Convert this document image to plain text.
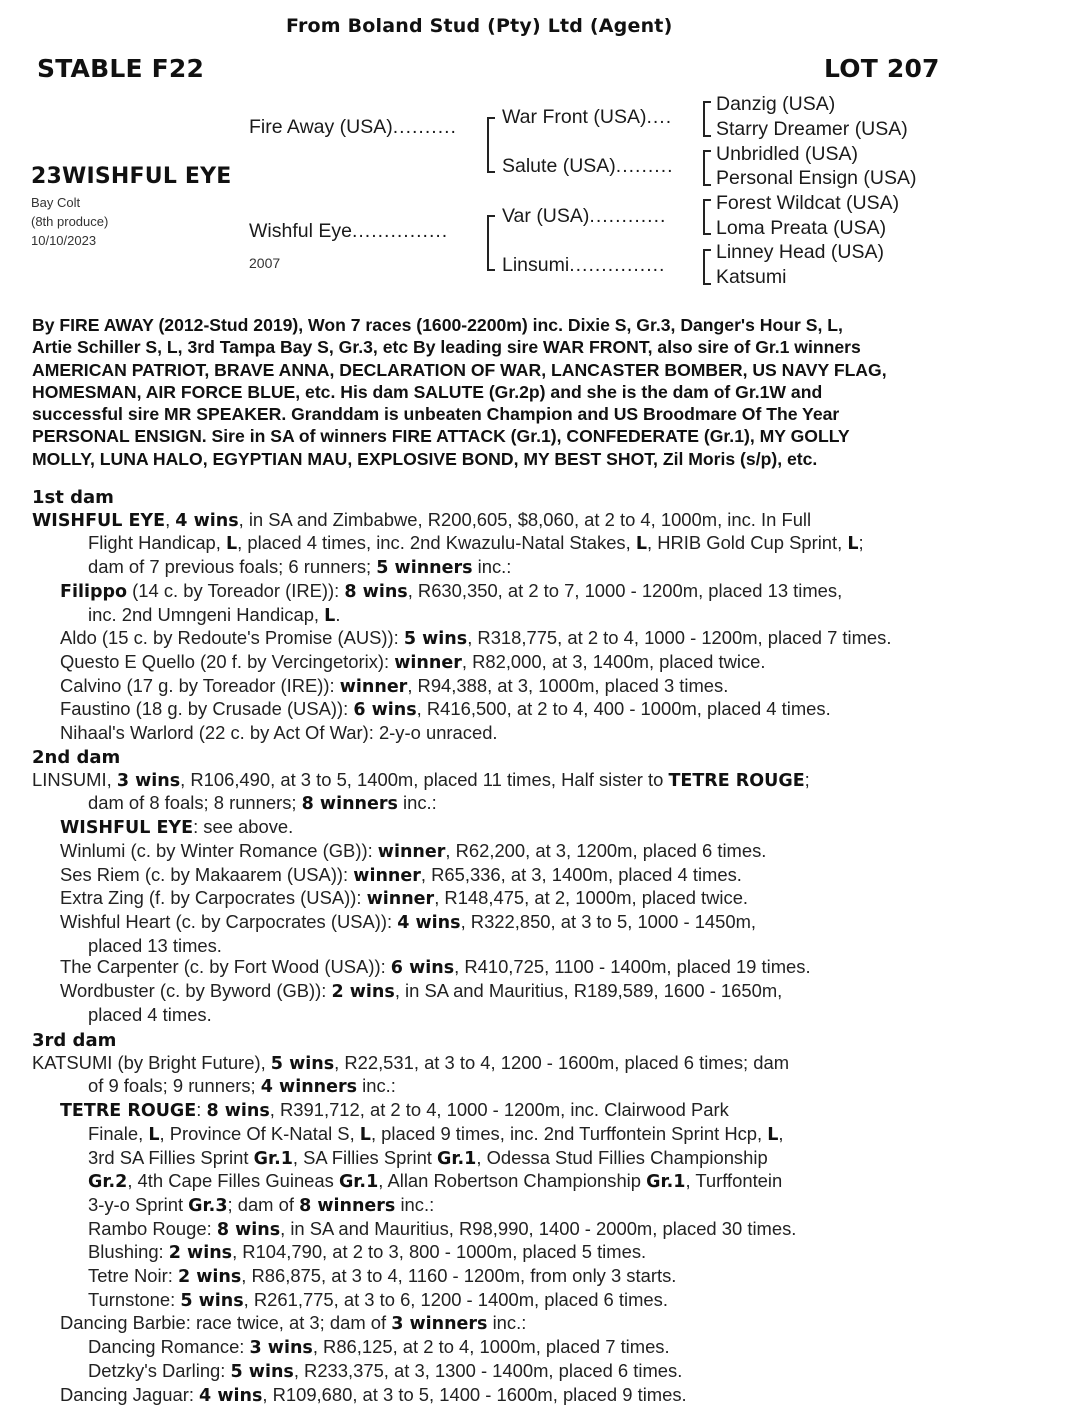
From Boland Stud (Pty) Ltd (Agent)
STABLE F22	LOT 207
23WISHFUL EYE
Bay Colt
(8th produce)
10/10/2023
Fire Away (USA)..........
Wishful Eye...............
2007
War Front (USA)....
Salute (USA).........
Var (USA)............
Linsumi...............
Danzig (USA)
Starry Dreamer (USA)
Unbridled (USA)
Personal Ensign (USA)
Forest Wildcat (USA)
Loma Preata (USA)
Linney Head (USA)
Katsumi
By FIRE AWAY (2012-Stud 2019), Won 7 races (1600-2200m) inc. Dixie S, Gr.3, Danger's Hour S, L,
Artie Schiller S, L, 3rd Tampa Bay S, Gr.3, etc By leading sire WAR FRONT, also sire of Gr.1 winners
AMERICAN PATRIOT, BRAVE ANNA, DECLARATION OF WAR, LANCASTER BOMBER, US NAVY FLAG,
HOMESMAN, AIR FORCE BLUE, etc. His dam SALUTE (Gr.2p) and she is the dam of Gr.1W and
successful sire MR SPEAKER. Granddam is unbeaten Champion and US Broodmare Of The Year
PERSONAL ENSIGN. Sire in SA of winners FIRE ATTACK (Gr.1), CONFEDERATE (Gr.1), MY GOLLY
MOLLY, LUNA HALO, EGYPTIAN MAU, EXPLOSIVE BOND, MY BEST SHOT, Zil Moris (s/p), etc.
1st dam
WISHFUL EYE, 4 wins, in SA and Zimbabwe, R200,605, $8,060, at 2 to 4, 1000m, inc. In Full
Flight Handicap, L, placed 4 times, inc. 2nd Kwazulu-Natal Stakes, L, HRIB Gold Cup Sprint, L;
dam of 7 previous foals; 6 runners; 5 winners inc.:
Filippo (14 c. by Toreador (IRE)): 8 wins, R630,350, at 2 to 7, 1000 - 1200m, placed 13 times,
inc. 2nd Umngeni Handicap, L.
Aldo (15 c. by Redoute's Promise (AUS)): 5 wins, R318,775, at 2 to 4, 1000 - 1200m, placed 7 times.
Questo E Quello (20 f. by Vercingetorix): winner, R82,000, at 3, 1400m, placed twice.
Calvino (17 g. by Toreador (IRE)): winner, R94,388, at 3, 1000m, placed 3 times.
Faustino (18 g. by Crusade (USA)): 6 wins, R416,500, at 2 to 4, 400 - 1000m, placed 4 times.
Nihaal's Warlord (22 c. by Act Of War): 2-y-o unraced.
2nd dam
LINSUMI, 3 wins, R106,490, at 3 to 5, 1400m, placed 11 times, Half sister to TETRE ROUGE;
dam of 8 foals; 8 runners; 8 winners inc.:
WISHFUL EYE: see above.
Winlumi (c. by Winter Romance (GB)): winner, R62,200, at 3, 1200m, placed 6 times.
Ses Riem (c. by Makaarem (USA)): winner, R65,336, at 3, 1400m, placed 4 times.
Extra Zing (f. by Carpocrates (USA)): winner, R148,475, at 2, 1000m, placed twice.
Wishful Heart (c. by Carpocrates (USA)): 4 wins, R322,850, at 3 to 5, 1000 - 1450m,
placed 13 times.
The Carpenter (c. by Fort Wood (USA)): 6 wins, R410,725, 1100 - 1400m, placed 19 times.
Wordbuster (c. by Byword (GB)): 2 wins, in SA and Mauritius, R189,589, 1600 - 1650m,
placed 4 times.
3rd dam
KATSUMI (by Bright Future), 5 wins, R22,531, at 3 to 4, 1200 - 1600m, placed 6 times; dam
of 9 foals; 9 runners; 4 winners inc.:
TETRE ROUGE: 8 wins, R391,712, at 2 to 4, 1000 - 1200m, inc. Clairwood Park
Finale, L, Province Of K-Natal S, L, placed 9 times, inc. 2nd Turffontein Sprint Hcp, L,
3rd SA Fillies Sprint Gr.1, SA Fillies Sprint Gr.1, Odessa Stud Fillies Championship
Gr.2, 4th Cape Filles Guineas Gr.1, Allan Robertson Championship Gr.1, Turffontein
3-y-o Sprint Gr.3; dam of 8 winners inc.:
Rambo Rouge: 8 wins, in SA and Mauritius, R98,990, 1400 - 2000m, placed 30 times.
Blushing: 2 wins, R104,790, at 2 to 3, 800 - 1000m, placed 5 times.
Tetre Noir: 2 wins, R86,875, at 3 to 4, 1160 - 1200m, from only 3 starts.
Turnstone: 5 wins, R261,775, at 3 to 6, 1200 - 1400m, placed 6 times.
Dancing Barbie: race twice, at 3; dam of 3 winners inc.:
Dancing Romance: 3 wins, R86,125, at 2 to 4, 1000m, placed 7 times.
Detzky's Darling: 5 wins, R233,375, at 3, 1300 - 1400m, placed 6 times.
Dancing Jaguar: 4 wins, R109,680, at 3 to 5, 1400 - 1600m, placed 9 times.
